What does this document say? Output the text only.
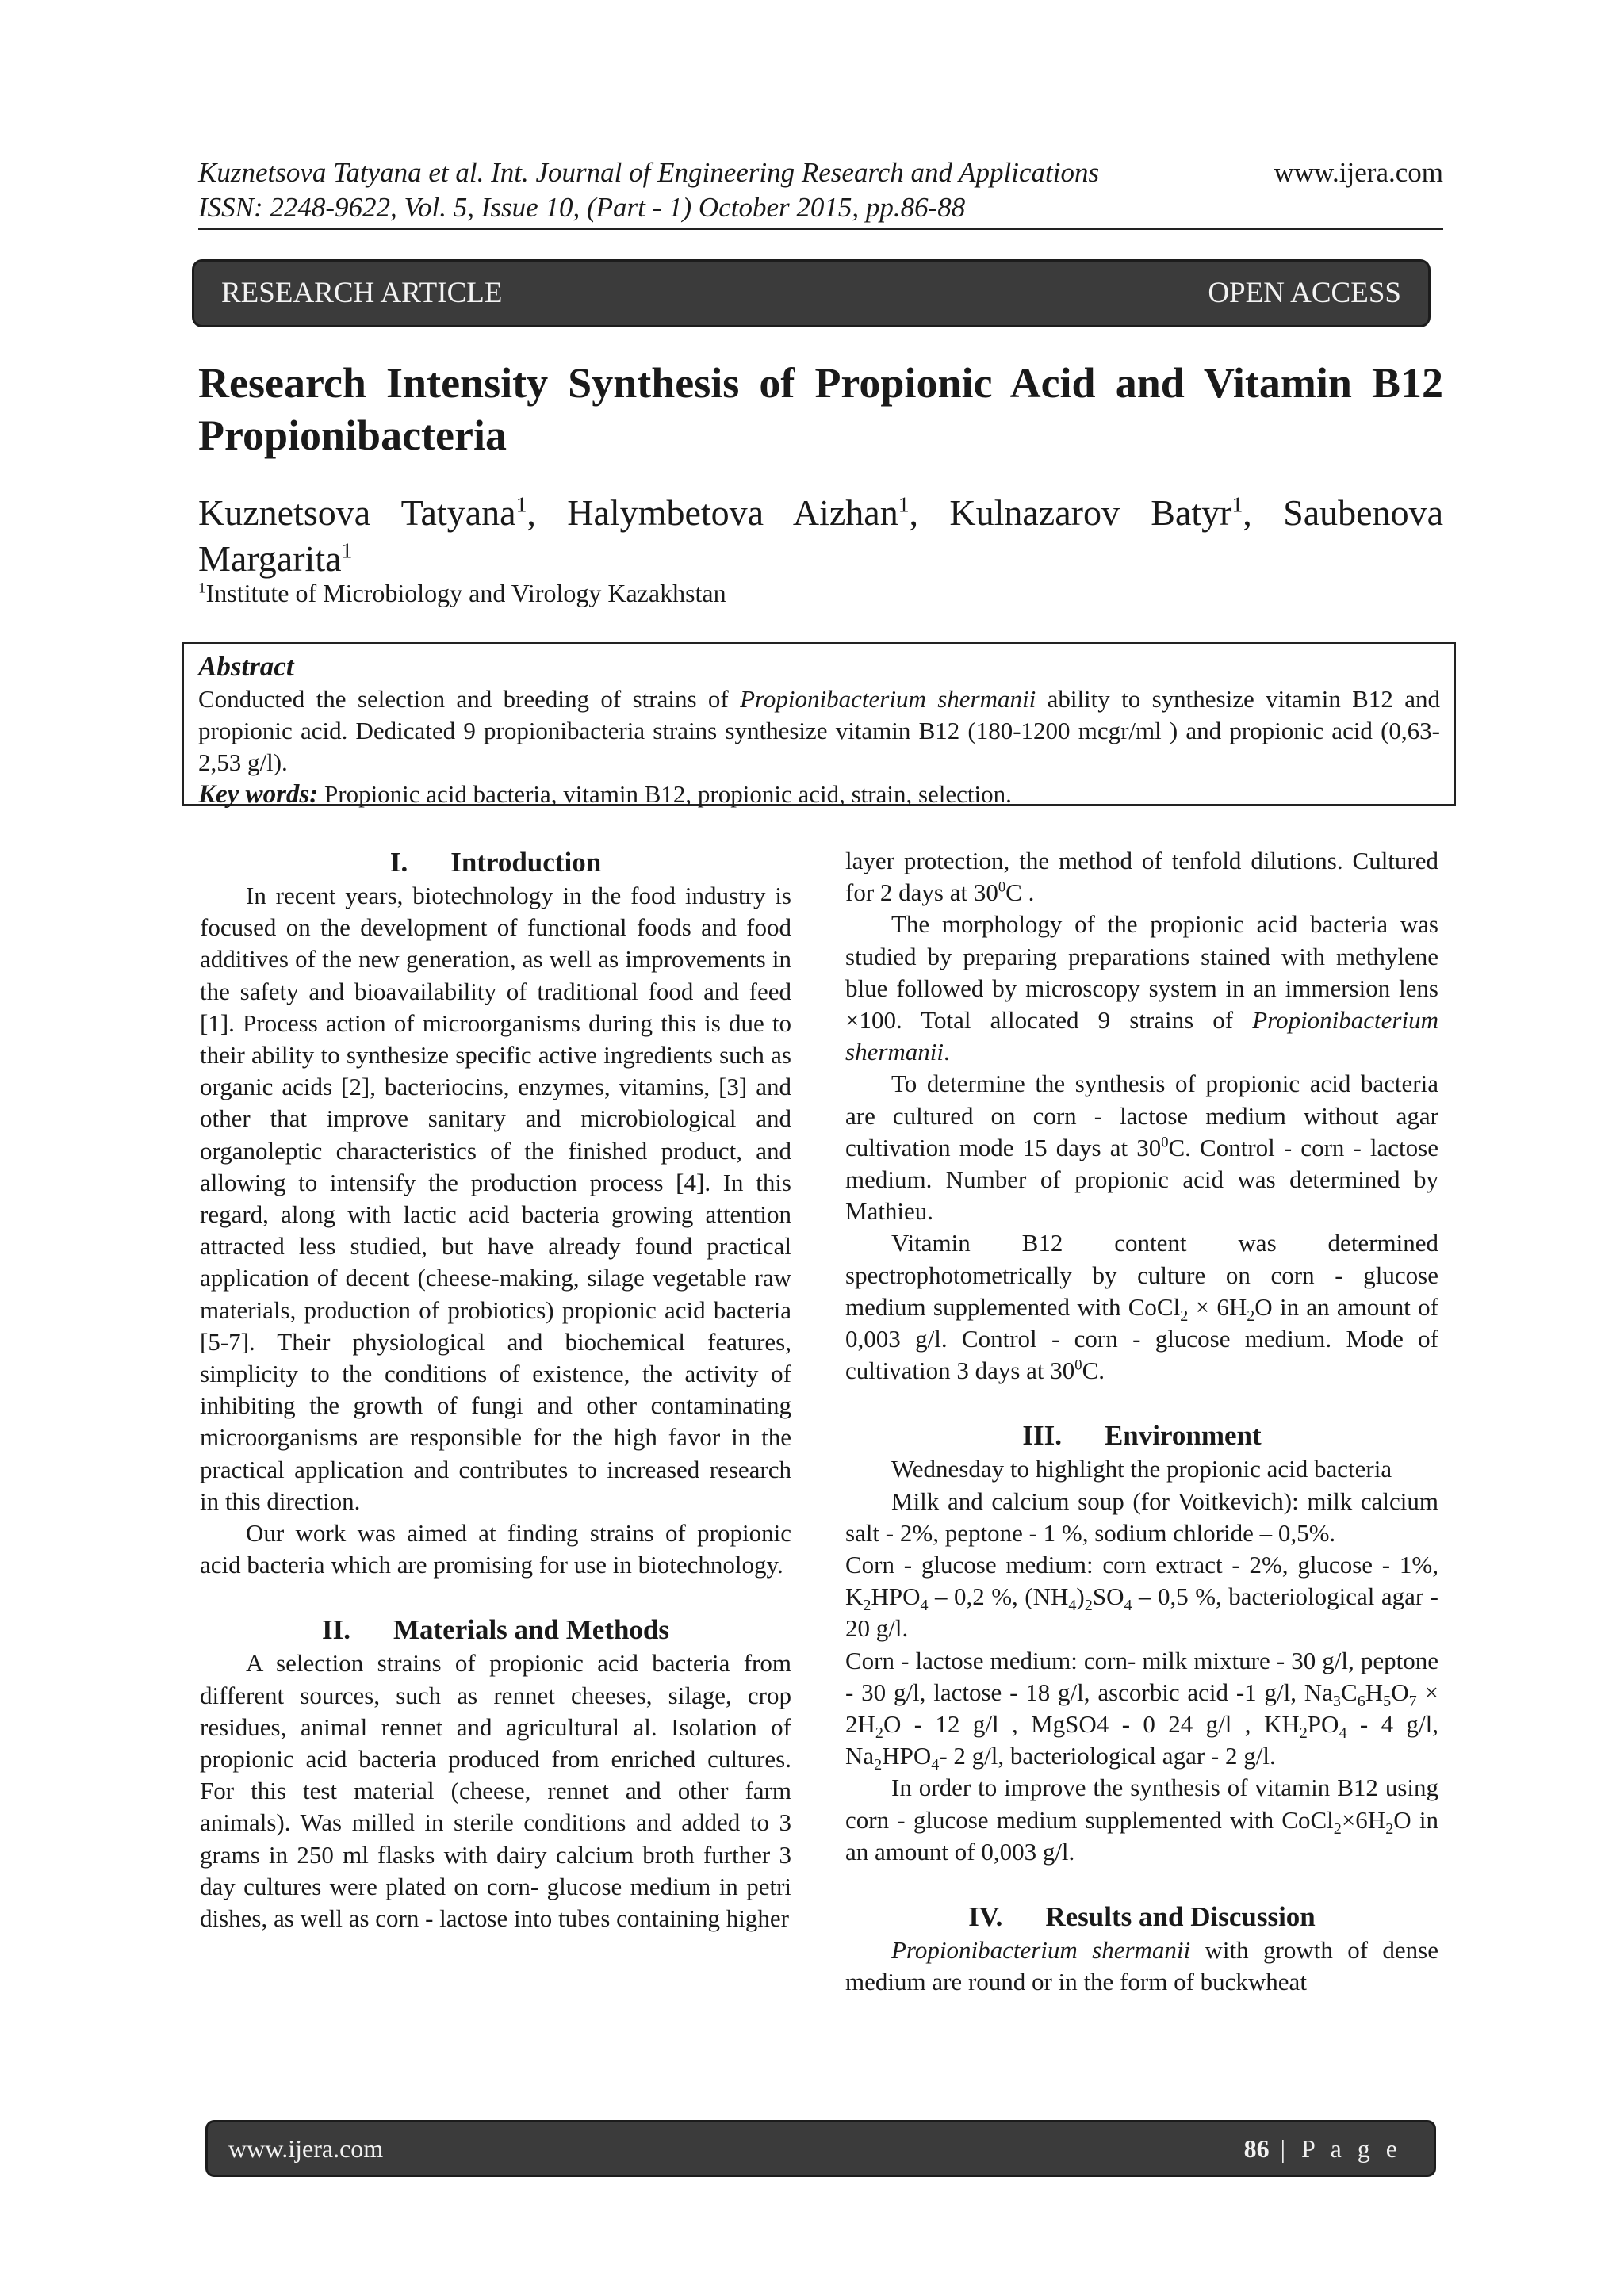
Kuznetsova Tatyana et al. Int. Journal of Engineering Research and Applications
ISSN: 2248-9622, Vol. 5, Issue 10, (Part - 1) October 2015, pp.86-88
www.ijera.com
RESEARCH ARTICLE	OPEN ACCESS
Research Intensity Synthesis of Propionic Acid and Vitamin B12 Propionibacteria
Kuznetsova Tatyana$^1$, Halymbetova Aizhan$^1$, Kulnazarov Batyr$^1$, Saubenova Margarita$^1$
$^1$Institute of Microbiology and Virology Kazakhstan
Abstract
Conducted the selection and breeding of strains of Propionibacterium shermanii ability to synthesize vitamin B12 and propionic acid. Dedicated 9 propionibacteria strains synthesize vitamin B12 (180-1200 mcgr/ml ) and propionic acid (0,63- 2,53 g/l).
Key words: Propionic acid bacteria, vitamin B12, propionic acid, strain, selection.

I. Introduction

In recent years, biotechnology in the food industry is focused on the development of functional foods and food additives of the new generation, as well as improvements in the safety and bioavailability of traditional food and feed [1]. Process action of microorganisms during this is due to their ability to synthesize specific active ingredients such as organic acids [2], bacteriocins, enzymes, vitamins, [3] and other that improve sanitary and microbiological and organoleptic characteristics of the finished product, and allowing to intensify the production process [4]. In this regard, along with lactic acid bacteria growing attention attracted less studied, but have already found practical application of decent (cheese-making, silage vegetable raw materials, production of probiotics) propionic acid bacteria [5-7]. Their physiological and biochemical features, simplicity to the conditions of existence, the activity of inhibiting the growth of fungi and other contaminating microorganisms are responsible for the high favor in the practical application and contributes to increased research in this direction.

Our work was aimed at finding strains of propionic acid bacteria which are promising for use in biotechnology.

II. Materials and Methods

A selection strains of propionic acid bacteria from different sources, such as rennet cheeses, silage, crop residues, animal rennet and agricultural al. Isolation of propionic acid bacteria produced from enriched cultures. For this test material (cheese, rennet and other farm animals). Was milled in sterile conditions and added to 3 grams in 250 ml flasks with dairy calcium broth further 3 day cultures were plated on corn- glucose medium in petri dishes, as well as corn - lactose into tubes containing higher

layer protection, the method of tenfold dilutions. Cultured for 2 days at $30^0C$ .

The morphology of the propionic acid bacteria was studied by preparing preparations stained with methylene blue followed by microscopy system in an immersion lens ×100. Total allocated 9 strains of Propionibacterium shermanii.

To determine the synthesis of propionic acid bacteria are cultured on corn - lactose medium without agar cultivation mode 15 days at $30^0C$. Control - corn - lactose medium. Number of propionic acid was determined by Mathieu.

Vitamin B12 content was determined spectrophotometrically by culture on corn - glucose medium supplemented with CoCl$_2$ × $6H_2O$ in an amount of 0,003 g/l. Control - corn - glucose medium. Mode of cultivation 3 days at $30^0C$.

III. Environment

Wednesday to highlight the propionic acid bacteria

Milk and calcium soup (for Voitkevich): milk calcium salt - 2%, peptone - 1 %, sodium chloride – 0,5%.

Corn - glucose medium: corn extract - 2%, glucose - 1%, $K_2HPO_4 - 0,2$ %, $(NH_4)_2SO_4 - 0,5$ %, bacteriological agar - 20 g/l.

Corn - lactose medium: corn- milk mixture - 30 g/l, peptone - 30 g/l, lactose - 18 g/l, ascorbic acid -1 g/l, $Na_3C_6H_5O_7 \times 2H_2O - 12$ g/l , MgSO4 - 0 24 g/l , $KH_2PO_4 - 4$ g/l, $Na_2HPO_4-$ 2 g/l, bacteriological agar - 2 g/l.

In order to improve the synthesis of vitamin B12 using corn - glucose medium supplemented with $CoCl_2\times 6H_2O$ in an amount of 0,003 g/l.

IV. Results and Discussion

Propionibacterium shermanii with growth of dense medium are round or in the form of buckwheat

www.ijera.com	86 | P a g e
